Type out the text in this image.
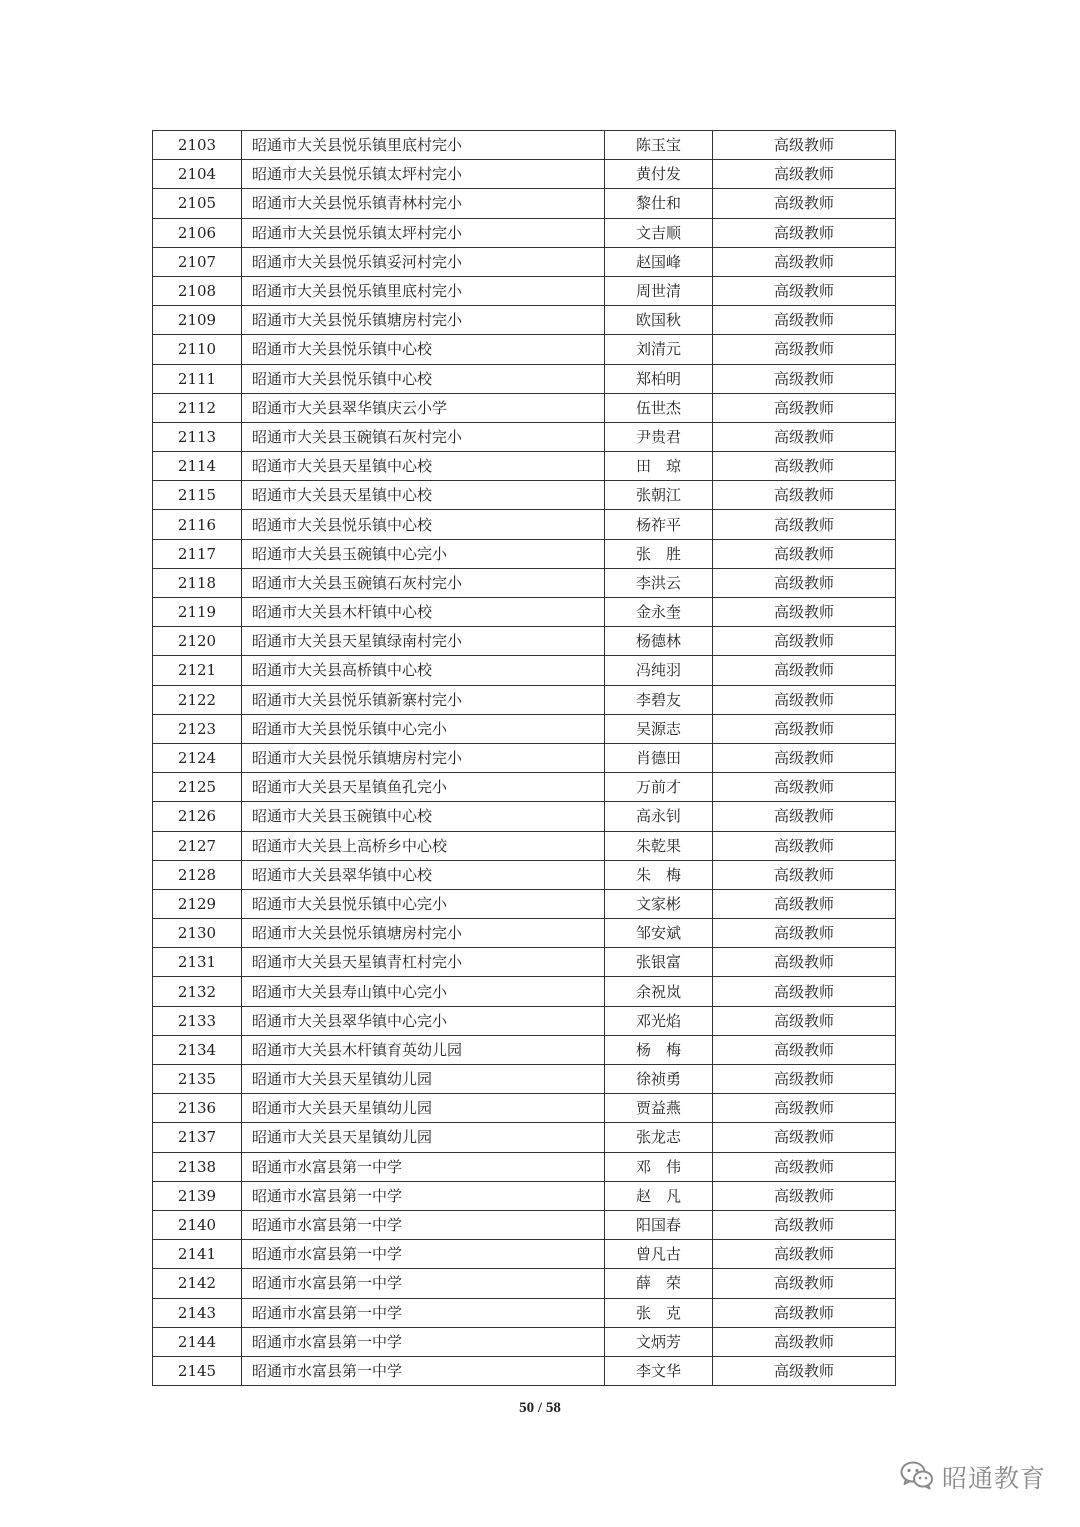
2103	昭通市大关县悦乐镇里底村完小	陈玉宝	高级教师
2104	昭通市大关县悦乐镇太坪村完小	黄付发	高级教师
2105	昭通市大关县悦乐镇青林村完小	黎仕和	高级教师
2106	昭通市大关县悦乐镇太坪村完小	文吉顺	高级教师
2107	昭通市大关县悦乐镇妥河村完小	赵国峰	高级教师
2108	昭通市大关县悦乐镇里底村完小	周世清	高级教师
2109	昭通市大关县悦乐镇塘房村完小	欧国秋	高级教师
2110	昭通市大关县悦乐镇中心校	刘清元	高级教师
2111	昭通市大关县悦乐镇中心校	郑柏明	高级教师
2112	昭通市大关县翠华镇庆云小学	伍世杰	高级教师
2113	昭通市大关县玉碗镇石灰村完小	尹贵君	高级教师
2114	昭通市大关县天星镇中心校	田　琼	高级教师
2115	昭通市大关县天星镇中心校	张朝江	高级教师
2116	昭通市大关县悦乐镇中心校	杨祚平	高级教师
2117	昭通市大关县玉碗镇中心完小	张　胜	高级教师
2118	昭通市大关县玉碗镇石灰村完小	李洪云	高级教师
2119	昭通市大关县木杆镇中心校	金永奎	高级教师
2120	昭通市大关县天星镇绿南村完小	杨德林	高级教师
2121	昭通市大关县高桥镇中心校	冯纯羽	高级教师
2122	昭通市大关县悦乐镇新寨村完小	李碧友	高级教师
2123	昭通市大关县悦乐镇中心完小	吴源志	高级教师
2124	昭通市大关县悦乐镇塘房村完小	肖德田	高级教师
2125	昭通市大关县天星镇鱼孔完小	万前才	高级教师
2126	昭通市大关县玉碗镇中心校	高永钊	高级教师
2127	昭通市大关县上高桥乡中心校	朱乾果	高级教师
2128	昭通市大关县翠华镇中心校	朱　梅	高级教师
2129	昭通市大关县悦乐镇中心完小	文家彬	高级教师
2130	昭通市大关县悦乐镇塘房村完小	邹安斌	高级教师
2131	昭通市大关县天星镇青杠村完小	张银富	高级教师
2132	昭通市大关县寿山镇中心完小	余祝岚	高级教师
2133	昭通市大关县翠华镇中心完小	邓光焰	高级教师
2134	昭通市大关县木杆镇育英幼儿园	杨　梅	高级教师
2135	昭通市大关县天星镇幼儿园	徐祯勇	高级教师
2136	昭通市大关县天星镇幼儿园	贾益燕	高级教师
2137	昭通市大关县天星镇幼儿园	张龙志	高级教师
2138	昭通市水富县第一中学	邓　伟	高级教师
2139	昭通市水富县第一中学	赵　凡	高级教师
2140	昭通市水富县第一中学	阳国春	高级教师
2141	昭通市水富县第一中学	曾凡古	高级教师
2142	昭通市水富县第一中学	薛　荣	高级教师
2143	昭通市水富县第一中学	张　克	高级教师
2144	昭通市水富县第一中学	文炳芳	高级教师
2145	昭通市水富县第一中学	李文华	高级教师
50 / 58
昭通教育
